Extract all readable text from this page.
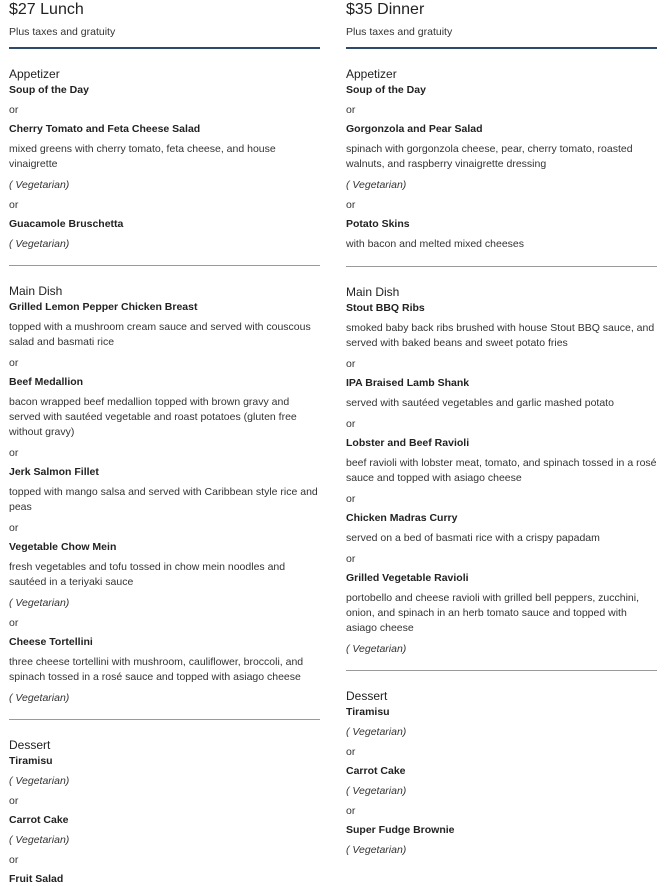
$27 Lunch
Plus taxes and gratuity
Appetizer
Soup of the Day
or
Cherry Tomato and Feta Cheese Salad
mixed greens with cherry tomato, feta cheese, and house vinaigrette
( Vegetarian)
or
Guacamole Bruschetta
( Vegetarian)
Main Dish
Grilled Lemon Pepper Chicken Breast
topped with a mushroom cream sauce and served with couscous salad and basmati rice
or
Beef Medallion
bacon wrapped beef medallion topped with brown gravy and served with sautéed vegetable and roast potatoes (gluten free without gravy)
or
Jerk Salmon Fillet
topped with mango salsa and served with Caribbean style rice and peas
or
Vegetable Chow Mein
fresh vegetables and tofu tossed in chow mein noodles and sautéed in a teriyaki sauce
( Vegetarian)
or
Cheese Tortellini
three cheese tortellini with mushroom, cauliflower, broccoli, and spinach tossed in a rosé sauce and topped with asiago cheese
( Vegetarian)
Dessert
Tiramisu
( Vegetarian)
or
Carrot Cake
( Vegetarian)
or
Fruit Salad
$35 Dinner
Plus taxes and gratuity
Appetizer
Soup of the Day
or
Gorgonzola and Pear Salad
spinach with gorgonzola cheese, pear, cherry tomato, roasted walnuts, and raspberry vinaigrette dressing
( Vegetarian)
or
Potato Skins
with bacon and melted mixed cheeses
Main Dish
Stout BBQ Ribs
smoked baby back ribs brushed with house Stout BBQ sauce, and served with baked beans and sweet potato fries
or
IPA Braised Lamb Shank
served with sautéed vegetables and garlic mashed potato
or
Lobster and Beef Ravioli
beef ravioli with lobster meat, tomato, and spinach tossed in a rosé sauce and topped with asiago cheese
or
Chicken Madras Curry
served on a bed of basmati rice with a crispy papadam
or
Grilled Vegetable Ravioli
portobello and cheese ravioli with grilled bell peppers, zucchini, onion, and spinach in an herb tomato sauce and topped with asiago cheese
( Vegetarian)
Dessert
Tiramisu
( Vegetarian)
or
Carrot Cake
( Vegetarian)
or
Super Fudge Brownie
( Vegetarian)
